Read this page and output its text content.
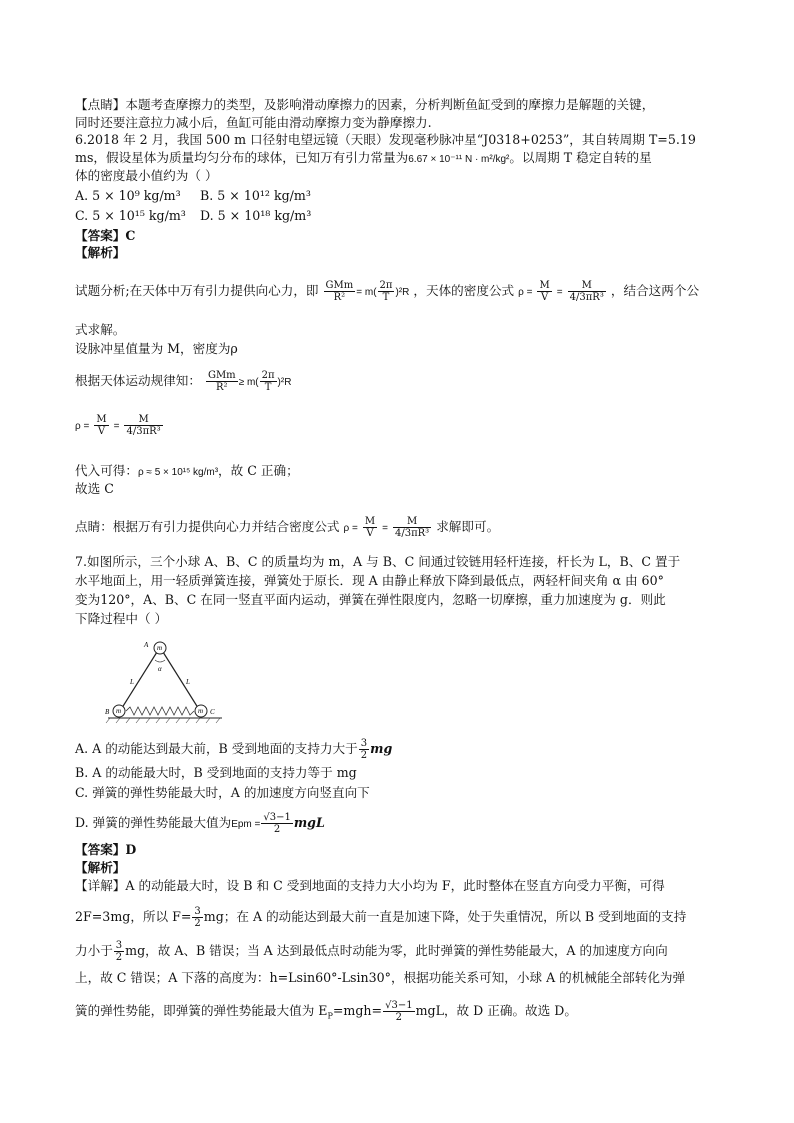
【点睛】本题考查摩擦力的类型，及影响滑动摩擦力的因素，分析判断鱼缸受到的摩擦力是解题的关键，
同时还要注意拉力减小后，鱼缸可能由滑动摩擦力变为静摩擦力.
6.2018 年 2 月，我国 500 m 口径射电望远镜（天眼）发现毫秒脉冲星“J0318+0253”，其自转周期 T=5.19
ms，假设星体为质量均匀分布的球体，已知万有引力常量为6.67 × 10⁻¹¹ N · m²/kg²。以周期 T 稳定自转的星
体的密度最小值约为（ ）
A. 5 × 10⁹ kg/m³ B. 5 × 10¹² kg/m³
C. 5 × 10¹⁵ kg/m³ D. 5 × 10¹⁸ kg/m³
【答案】C
【解析】
试题分析;在天体中万有引力提供向心力，即 $\frac{\text{GMm}}{\text{R²}} = m( \frac{2\pi}{T} )^2R$ ，天体的密度公式 $\rho = \frac{M}{V} = \frac{M}{\text{4/3πR³}}$ ，结合这两个公
式求解。
设脉冲星值量为 M，密度为ρ
根据天体运动规律知： $\frac{\text{GMm}}{\text{R²}} \ge m( \frac{2\pi}{T} )^2R$
$\rho = \frac{M}{V} = \frac{M}{\text{4/3πR³}}$
代入可得：ρ ≈ 5 × 10¹⁵ kg/m³，故 C 正确；
故选 C
点睛：根据万有引力提供向心力并结合密度公式 $\rho = \frac{M}{V} = \frac{M}{\text{4/3πR³}}$ 求解即可。
7.如图所示，三个小球 A、B、C 的质量均为 m，A 与 B、C 间通过铰链用轻杆连接，杆长为 L，B、C 置于
水平地面上，用一轻质弹簧连接，弹簧处于原长．现 A 由静止释放下降到最低点，两轻杆间夹角 α 由 60°
变为120°，A、B、C 在同一竖直平面内运动，弹簧在弹性限度内，忽略一切摩擦，重力加速度为 g．则此
下降过程中（ ）
m
m	m
A
B	C
L	L
α
A. A 的动能达到最大前，B 受到地面的支持力大于 $\frac{3}{2}$ mg
B. A 的动能最大时，B 受到地面的支持力等于 mg
C. 弹簧的弹性势能最大时，A 的加速度方向竖直向下
D. 弹簧的弹性势能最大值为Epm = $\frac{√3-1}{2}$ mgL
【答案】D
【解析】
【详解】A 的动能最大时，设 B 和 C 受到地面的支持力大小均为 F，此时整体在竖直方向受力平衡，可得
2F=3mg，所以 $F= \frac{3}{2}$ mg；在 A 的动能达到最大前一直是加速下降，处于失重情况，所以 B 受到地面的支持
力小于 $\frac{3}{2}$ mg，故 A、B 错误；当 A 达到最低点时动能为零，此时弹簧的弹性势能最大，A 的加速度方向向
上，故 C 错误；A 下落的高度为：h=Lsin60°-Lsin30°，根据功能关系可知，小球 A 的机械能全部转化为弹
簧的弹性势能，即弹簧的弹性势能最大值为 $E_P=mgh= \frac{√3-1}{2}$ mgL，故 D 正确。故选 D。
